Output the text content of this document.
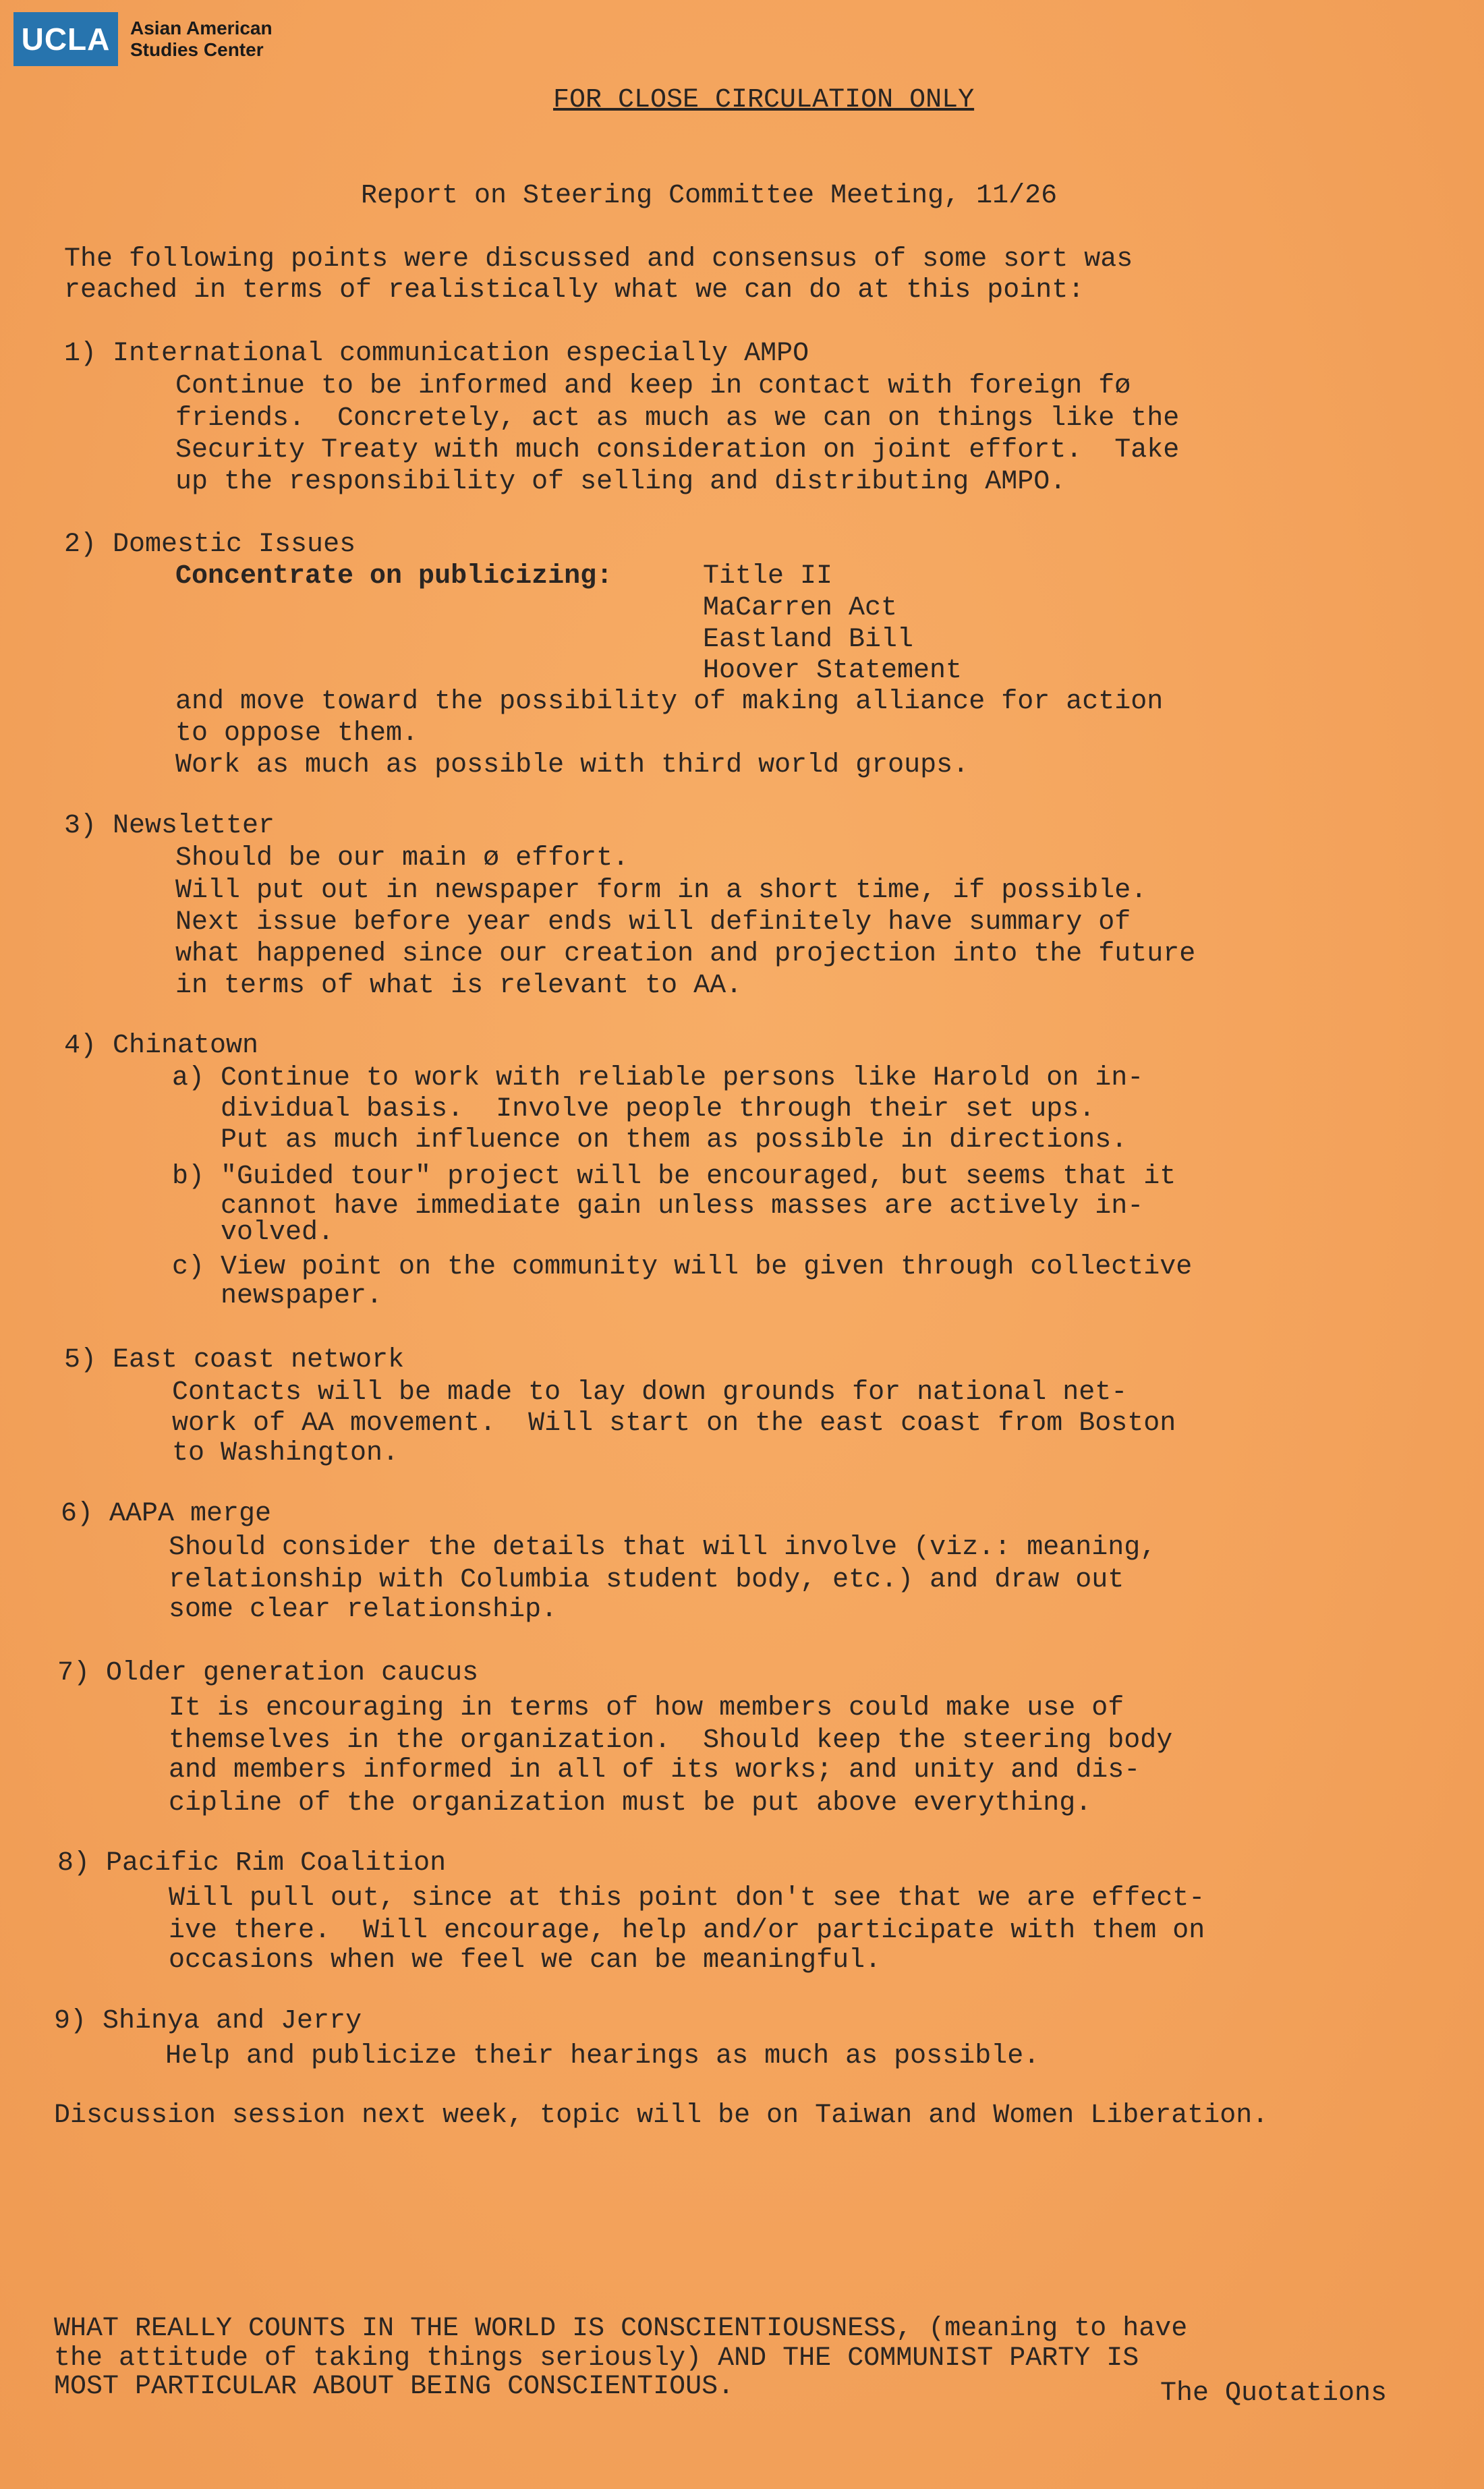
UCLA	Asian American
Studies Center
FOR CLOSE CIRCULATION ONLY
Report on Steering Committee Meeting, 11/26
The following points were discussed and consensus of some sort was
reached in terms of realistically what we can do at this point:
1) International communication especially AMPO
Continue to be informed and keep in contact with foreign fø
friends.  Concretely, act as much as we can on things like the
Security Treaty with much consideration on joint effort.  Take
up the responsibility of selling and distributing AMPO.
2) Domestic Issues
Concentrate on publicizing:	Title II
MaCarren Act
Eastland Bill
Hoover Statement
and move toward the possibility of making alliance for action
to oppose them.
Work as much as possible with third world groups.
3) Newsletter
Should be our main ø effort.
Will put out in newspaper form in a short time, if possible.
Next issue before year ends will definitely have summary of
what happened since our creation and projection into the future
in terms of what is relevant to AA.
4) Chinatown
a) Continue to work with reliable persons like Harold on in-
dividual basis.  Involve people through their set ups.
Put as much influence on them as possible in directions.
b) "Guided tour" project will be encouraged, but seems that it
cannot have immediate gain unless masses are actively in-
volved.
c) View point on the community will be given through collective
newspaper.
5) East coast network
Contacts will be made to lay down grounds for national net-
work of AA movement.  Will start on the east coast from Boston
to Washington.
6) AAPA merge
Should consider the details that will involve (viz.: meaning,
relationship with Columbia student body, etc.) and draw out
some clear relationship.
7) Older generation caucus
It is encouraging in terms of how members could make use of
themselves in the organization.  Should keep the steering body
and members informed in all of its works; and unity and dis-
cipline of the organization must be put above everything.
8) Pacific Rim Coalition
Will pull out, since at this point don't see that we are effect-
ive there.  Will encourage, help and/or participate with them on
occasions when we feel we can be meaningful.
9) Shinya and Jerry
Help and publicize their hearings as much as possible.
Discussion session next week, topic will be on Taiwan and Women Liberation.
WHAT REALLY COUNTS IN THE WORLD IS CONSCIENTIOUSNESS, (meaning to have
the attitude of taking things seriously) AND THE COMMUNIST PARTY IS
MOST PARTICULAR ABOUT BEING CONSCIENTIOUS.	The Quotations
